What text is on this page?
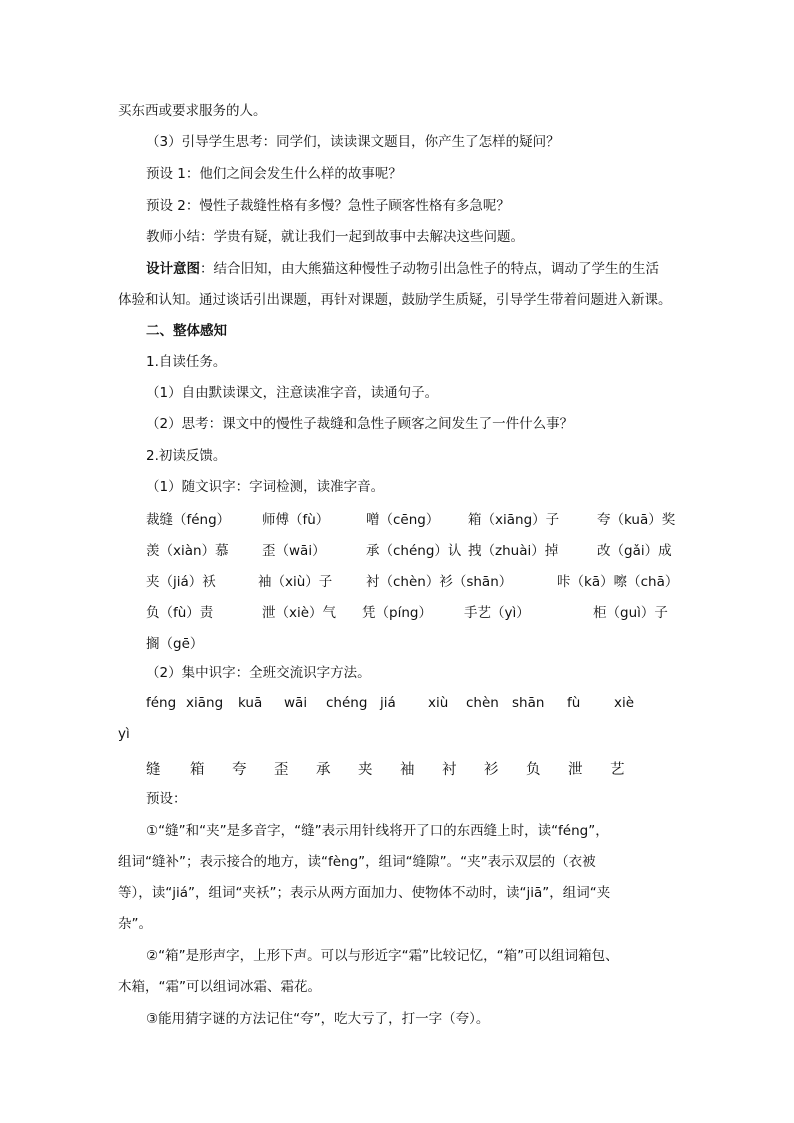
买东西或要求服务的人。
（3）引导学生思考：同学们，读读课文题目，你产生了怎样的疑问？
预设 1：他们之间会发生什么样的故事呢？
预设 2：慢性子裁缝性格有多慢？急性子顾客性格有多急呢？
教师小结：学贵有疑，就让我们一起到故事中去解决这些问题。
设计意图：结合旧知，由大熊猫这种慢性子动物引出急性子的特点，调动了学生的生活
体验和认知。通过谈话引出课题，再针对课题，鼓励学生质疑，引导学生带着问题进入新课。
二、整体感知
1.自读任务。
（1）自由默读课文，注意读准字音，读通句子。
（2）思考：课文中的慢性子裁缝和急性子顾客之间发生了一件什么事？
2.初读反馈。
（1）随文识字：字词检测，读准字音。
裁缝（féng） 师傅（fù）	噌（cēng） 箱（xiāng）子	夸（kuā）奖
羡（xiàn）慕 歪（wāi）	承（chéng）认 拽（zhuài）掉	改（gǎi）成
夹（jiá）袄	袖（xiù）子 衬（chèn）衫（shān）	咔（kā）嚓（chā）
负（fù）责	泄（xiè）气 凭（píng） 手艺（yì）	柜（guì）子
搁（gē）
（2）集中识字：全班交流识字方法。
féng xiāng kuā wāi chéng jiá xiù chèn shān fù xiè
yì
缝 箱 夸 歪 承 夹 袖 衬 衫 负 泄 艺
预设：
①“缝”和“夹”是多音字，“缝”表示用针线将开了口的东西缝上时，读“féng”，
组词“缝补”；表示接合的地方，读“fèng”，组词“缝隙”。“夹”表示双层的（衣被
等），读“jiá”，组词“夹袄”；表示从两方面加力、使物体不动时，读“jiā”，组词“夹
杂”。
②“箱”是形声字，上形下声。可以与形近字“霜”比较记忆，“箱”可以组词箱包、
木箱，“霜”可以组词冰霜、霜花。
③能用猜字谜的方法记住“夸”，吃大亏了，打一字（夸）。
